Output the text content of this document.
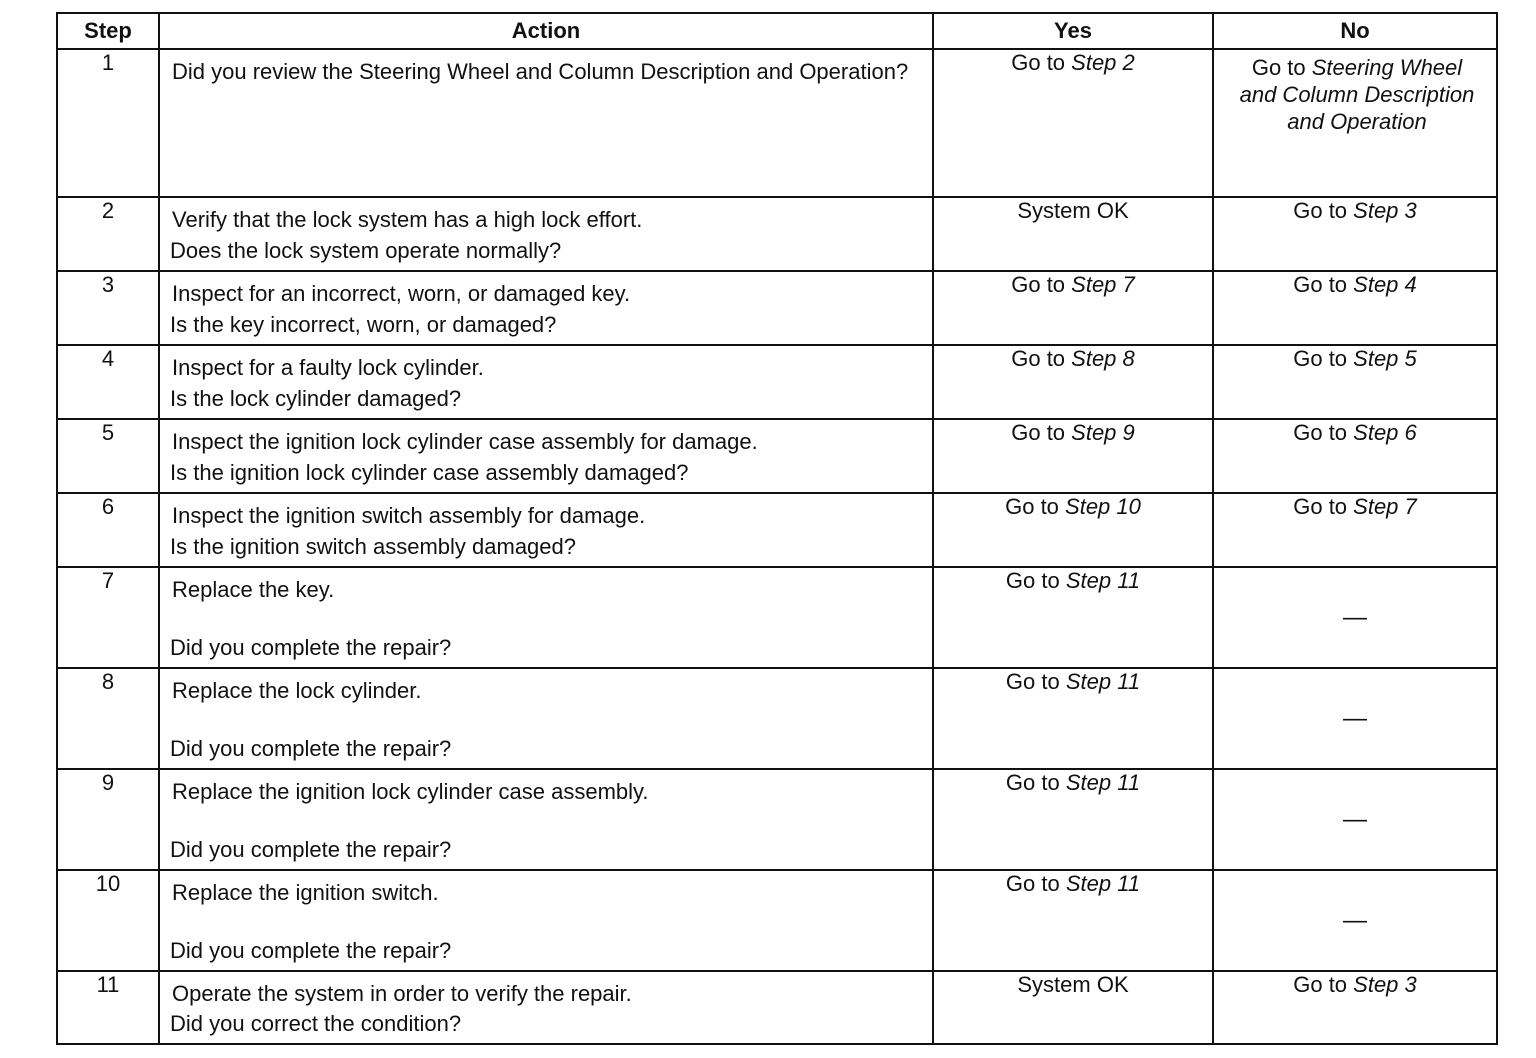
Step	Action	Yes	No
1	Did you review the Steering Wheel and Column Description and Operation?	Go to Step 2	Go to Steering Wheel and Column Description and Operation
2	Verify that the lock system has a high lock effort.
Does the lock system operate normally?	System OK	Go to Step 3
3	Inspect for an incorrect, worn, or damaged key.
Is the key incorrect, worn, or damaged?	Go to Step 7	Go to Step 4
4	Inspect for a faulty lock cylinder.
Is the lock cylinder damaged?	Go to Step 8	Go to Step 5
5	Inspect the ignition lock cylinder case assembly for damage.
Is the ignition lock cylinder case assembly damaged?	Go to Step 9	Go to Step 6
6	Inspect the ignition switch assembly for damage.
Is the ignition switch assembly damaged?	Go to Step 10	Go to Step 7
7	Replace the key.
Did you complete the repair?	Go to Step 11	—
8	Replace the lock cylinder.
Did you complete the repair?	Go to Step 11	—
9	Replace the ignition lock cylinder case assembly.
Did you complete the repair?	Go to Step 11	—
10	Replace the ignition switch.
Did you complete the repair?	Go to Step 11	—
11	Operate the system in order to verify the repair.
Did you correct the condition?	System OK	Go to Step 3
